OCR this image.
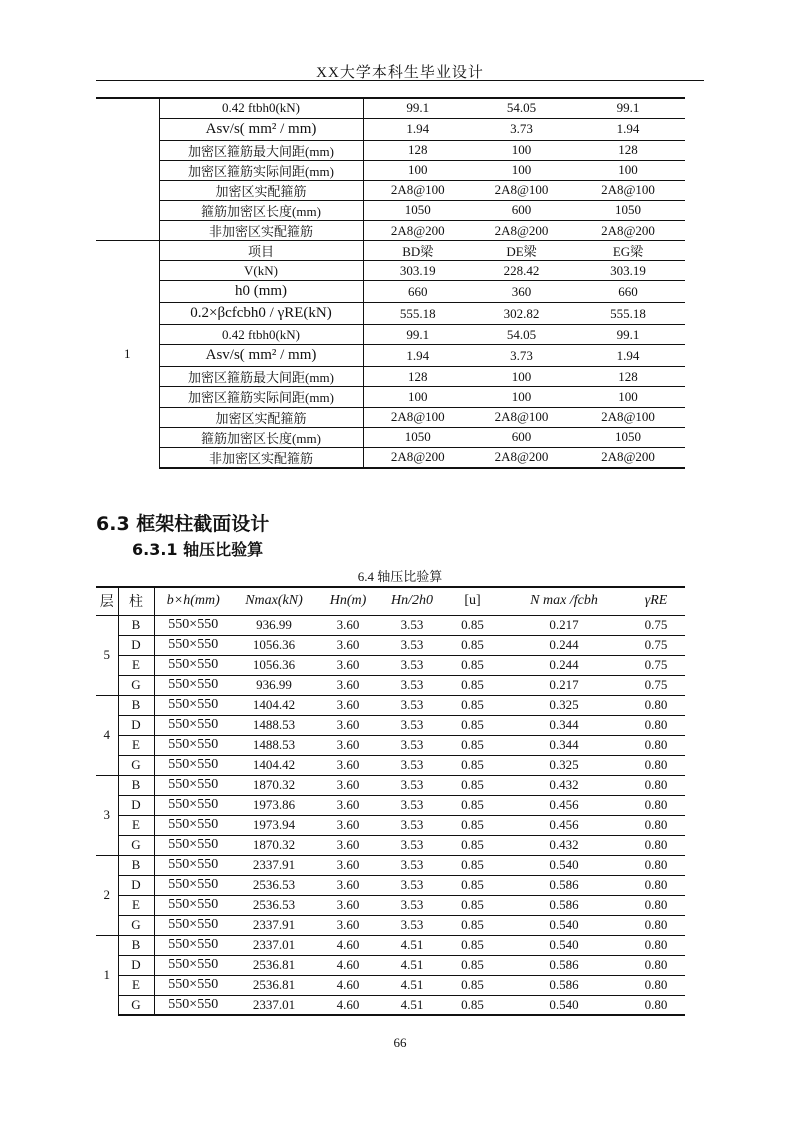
XX大学本科生毕业设计
	0.42 ftbh0(kN)	99.1	54.05	99.1
	Asv/s( mm² / mm)	1.94	3.73	1.94
	加密区箍筋最大间距(mm)	128	100	128
	加密区箍筋实际间距(mm)	100	100	100
	加密区实配箍筋	2A8@100	2A8@100	2A8@100
	箍筋加密区长度(mm)	1050	600	1050
	非加密区实配箍筋	2A8@200	2A8@200	2A8@200
1	项目	BD梁	DE梁	EG梁
	V(kN)	303.19	228.42	303.19
	h0 (mm)	660	360	660
	0.2×βcfcbh0 / γRE(kN)	555.18	302.82	555.18
	0.42 ftbh0(kN)	99.1	54.05	99.1
	Asv/s( mm² / mm)	1.94	3.73	1.94
	加密区箍筋最大间距(mm)	128	100	128
	加密区箍筋实际间距(mm)	100	100	100
	加密区实配箍筋	2A8@100	2A8@100	2A8@100
	箍筋加密区长度(mm)	1050	600	1050
	非加密区实配箍筋	2A8@200	2A8@200	2A8@200
6.3 框架柱截面设计
6.3.1 轴压比验算
6.4 轴压比验算
层	柱	b×h(mm)	Nmax(kN)	Hn(m)	Hn/2h0	[u]	N max /fcbh	γRE
5	B	550×550	936.99	3.60	3.53	0.85	0.217	0.75
	D	550×550	1056.36	3.60	3.53	0.85	0.244	0.75
	E	550×550	1056.36	3.60	3.53	0.85	0.244	0.75
	G	550×550	936.99	3.60	3.53	0.85	0.217	0.75
4	B	550×550	1404.42	3.60	3.53	0.85	0.325	0.80
	D	550×550	1488.53	3.60	3.53	0.85	0.344	0.80
	E	550×550	1488.53	3.60	3.53	0.85	0.344	0.80
	G	550×550	1404.42	3.60	3.53	0.85	0.325	0.80
3	B	550×550	1870.32	3.60	3.53	0.85	0.432	0.80
	D	550×550	1973.86	3.60	3.53	0.85	0.456	0.80
	E	550×550	1973.94	3.60	3.53	0.85	0.456	0.80
	G	550×550	1870.32	3.60	3.53	0.85	0.432	0.80
2	B	550×550	2337.91	3.60	3.53	0.85	0.540	0.80
	D	550×550	2536.53	3.60	3.53	0.85	0.586	0.80
	E	550×550	2536.53	3.60	3.53	0.85	0.586	0.80
	G	550×550	2337.91	3.60	3.53	0.85	0.540	0.80
1	B	550×550	2337.01	4.60	4.51	0.85	0.540	0.80
	D	550×550	2536.81	4.60	4.51	0.85	0.586	0.80
	E	550×550	2536.81	4.60	4.51	0.85	0.586	0.80
	G	550×550	2337.01	4.60	4.51	0.85	0.540	0.80
66
